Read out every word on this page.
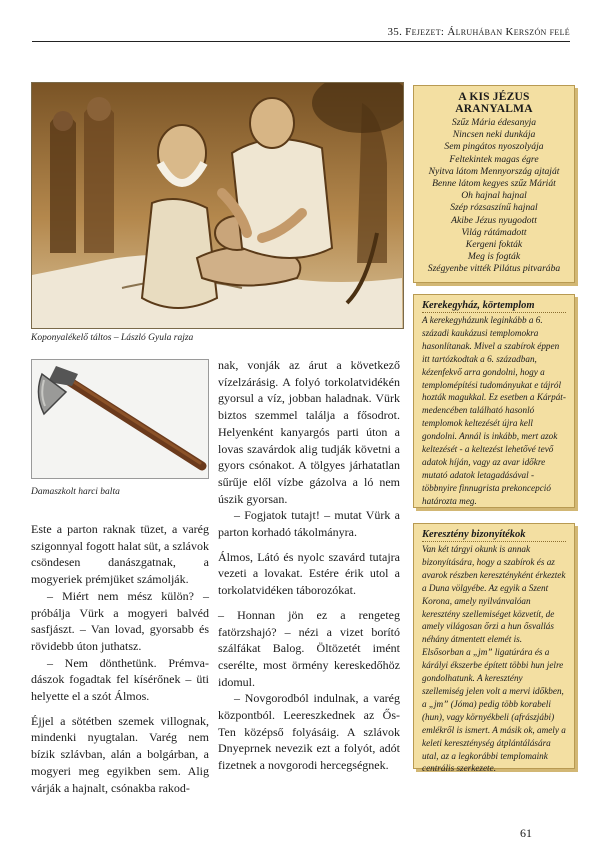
35. Fejezet: Álruhában Kerszón felé
Koponyalékelő táltos – László Gyula rajza
Damaszkolt harci balta

nak, vonják az árut a következő vízelzárásig. A folyó torkolatvidékén gyorsul a víz, jobban haladnak. Vürk biztos szemmel találja a fősodrot. Helyenként kanyargós parti úton a lovas szavárdok alig tudják követni a gyors csónakot. A tölgyes járhatatlan sűrűje elől vízbe gázolva a ló nem úszik gyorsan.

– Fogjatok tutajt! – mutat Vürk a parton korhadó tákolmányra.

Álmos, Látó és nyolc szavárd tutajra vezeti a lovakat. Estére érik utol a torkolatvidéken táborozókat.

– Honnan jön ez a rengeteg fatörzshajó? – nézi a vizet borító szálfákat Balog. Öltözetét imént cserélte, most örmény kereskedőhöz idomul.

– Novgorodból indulnak, a varég központból. Leereszkednek az Ős-Ten középső folyásáig. A szlávok Dnyeprnek nevezik ezt a folyót, adót fizetnek a novgorodi hercegségnek.

Este a parton raknak tüzet, a varég szigonnyal fogott halat süt, a szlávok csöndesen danászgatnak, a mogyeriek prémjüket számolják.

– Miért nem mész külön? – próbálja Vürk a mogyeri balvéd sasfjászt. – Van lovad, gyorsabb és rövidebb úton juthatsz.

– Nem dönthetünk. Prémvadászok fogadtak fel kísérőnek – üti helyette el a szót Álmos.

Éjjel a sötétben szemek villognak, mindenki nyugtalan. Varég nem bízik szlávban, alán a bolgárban, a mogyeri meg egyikben sem. Alig várják a hajnalt, csónakba rakod-

A KIS JÉZUS ARANYALMA
Szűz Mária édesanyja
Nincsen neki dunkája
Sem pingátos nyoszolyája
Feltekintek magas égre
Nyitva látom Mennyország ajtaját
Benne látom kegyes szűz Máriát
Oh hajnal hajnal
Szép rózsaszínű hajnal
Akibe Jézus nyugodott
Világ rátámadott
Kergeni fokták
Meg is fogták
Szégyenbe vitték Pilátus pitvarába
Kerekegyház, körtemplom
A kerekegyházunk leginkább a 6. századi kaukázusi templomokra hasonlítanak. Mivel a szabírok éppen itt tartózkodtak a 6. században, kézenfekvő arra gondolni, hogy a templomépítési tudományukat e tájról hozták magukkal. Ez esetben a Kárpát-medencében található hasonló templomok keltezését újra kell gondolni. Annál is inkább, mert azok keltezését - a keltezést lehetővé tevő adatok híján, vagy az avar időkre mutató adatok letagadásával - többnyire finnugrista prekoncepció határozta meg.
Keresztény bizonyítékok
Van két tárgyi okunk is annak bizonyítására, hogy a szabírok és az avarok részben keresztényként érkeztek a Duna völgyébe. Az egyik a Szent Korona, amely nyilvánvalóan keresztény szellemiséget közvetít, de amely világosan őrzi a hun ősvallás néhány átmentett elemét is. Elsősorban a „jm” ligatúrára és a kárályi ékszerbe épített többi hun jelre gondolhatunk. A keresztény szellemiség jelen volt a mervi időkben, a „jm” (Jóma) pedig több korabeli (hun), vagy környékbeli (afrászjábi) emlékről is ismert. A másik ok, amely a keleti kereszténység átplántálására utal, az a legkorábbi templomaink centrális szerkezete.
61
